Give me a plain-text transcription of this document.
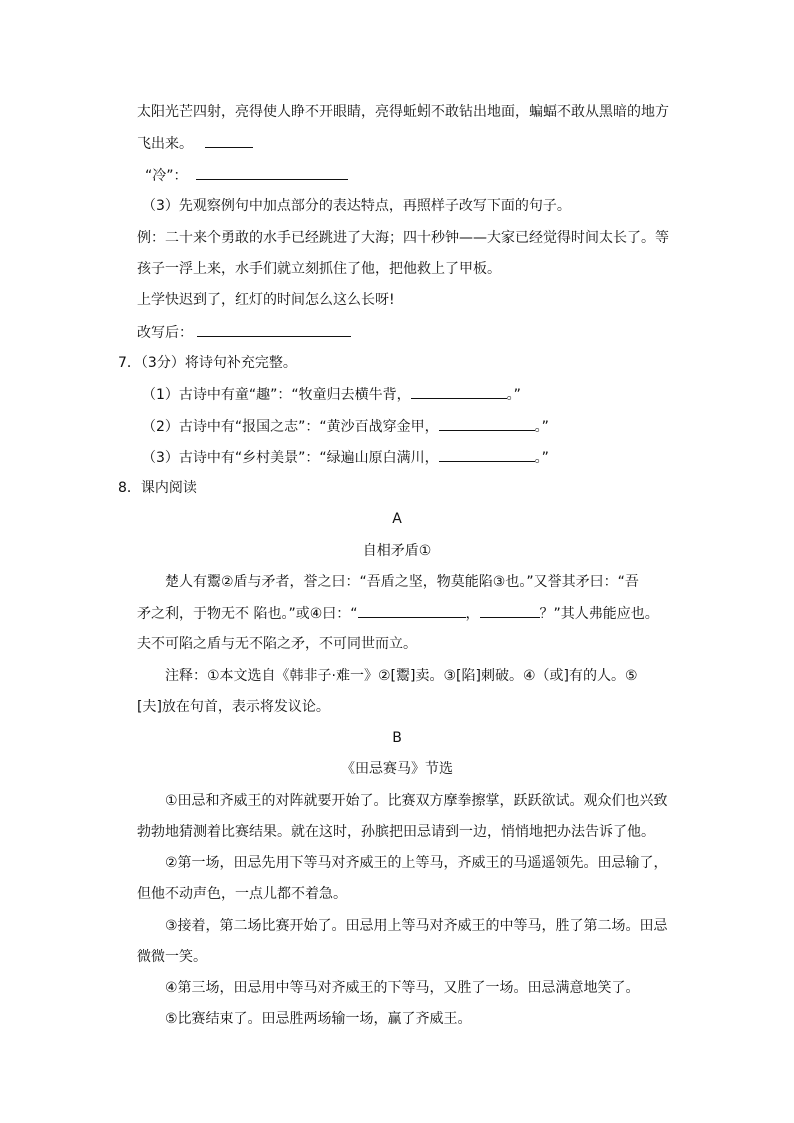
太阳光芒四射，亮得使人睁不开眼睛，亮得蚯蚓不敢钻出地面，蝙蝠不敢从黑暗的地方
飞出来。
“冷”：
（3）先观察例句中加点部分的表达特点，再照样子改写下面的句子。
例：二十来个勇敢的水手已经跳进了大海；四十秒钟——大家已经觉得时间太长了。等
孩子一浮上来，水手们就立刻抓住了他，把他救上了甲板。
上学快迟到了，红灯的时间怎么这么长呀!
改写后：
7．（3分）将诗句补充完整。
（1）古诗中有童“趣”：“牧童归去横牛背，	。”
（2）古诗中有“报国之志”：“黄沙百战穿金甲，	。”
（3）古诗中有“乡村美景”：“绿遍山原白满川，	。”
8．课内阅读
A
自相矛盾①
楚人有鬻②盾与矛者，誉之曰：“吾盾之坚，物莫能陷③也。”又誉其矛曰：“吾
矛之利，于物无不 陷也。”或④曰：“	，	？”其人弗能应也。
夫不可陷之盾与无不陷之矛，不可同世而立。
注释：①本文选自《韩非子·难一》②[鬻]卖。③[陷]刺破。④（或]有的人。⑤
[夫]放在句首，表示将发议论。
B
《田忌赛马》节选
①田忌和齐威王的对阵就要开始了。比赛双方摩拳擦掌，跃跃欲试。观众们也兴致
勃勃地猜测着比赛结果。就在这时，孙膑把田忌请到一边，悄悄地把办法告诉了他。
②第一场，田忌先用下等马对齐威王的上等马，齐威王的马遥遥领先。田忌输了，
但他不动声色，一点儿都不着急。
③接着，第二场比赛开始了。田忌用上等马对齐威王的中等马，胜了第二场。田忌
微微一笑。
④第三场，田忌用中等马对齐威王的下等马，又胜了一场。田忌满意地笑了。
⑤比赛结束了。田忌胜两场输一场，赢了齐威王。
